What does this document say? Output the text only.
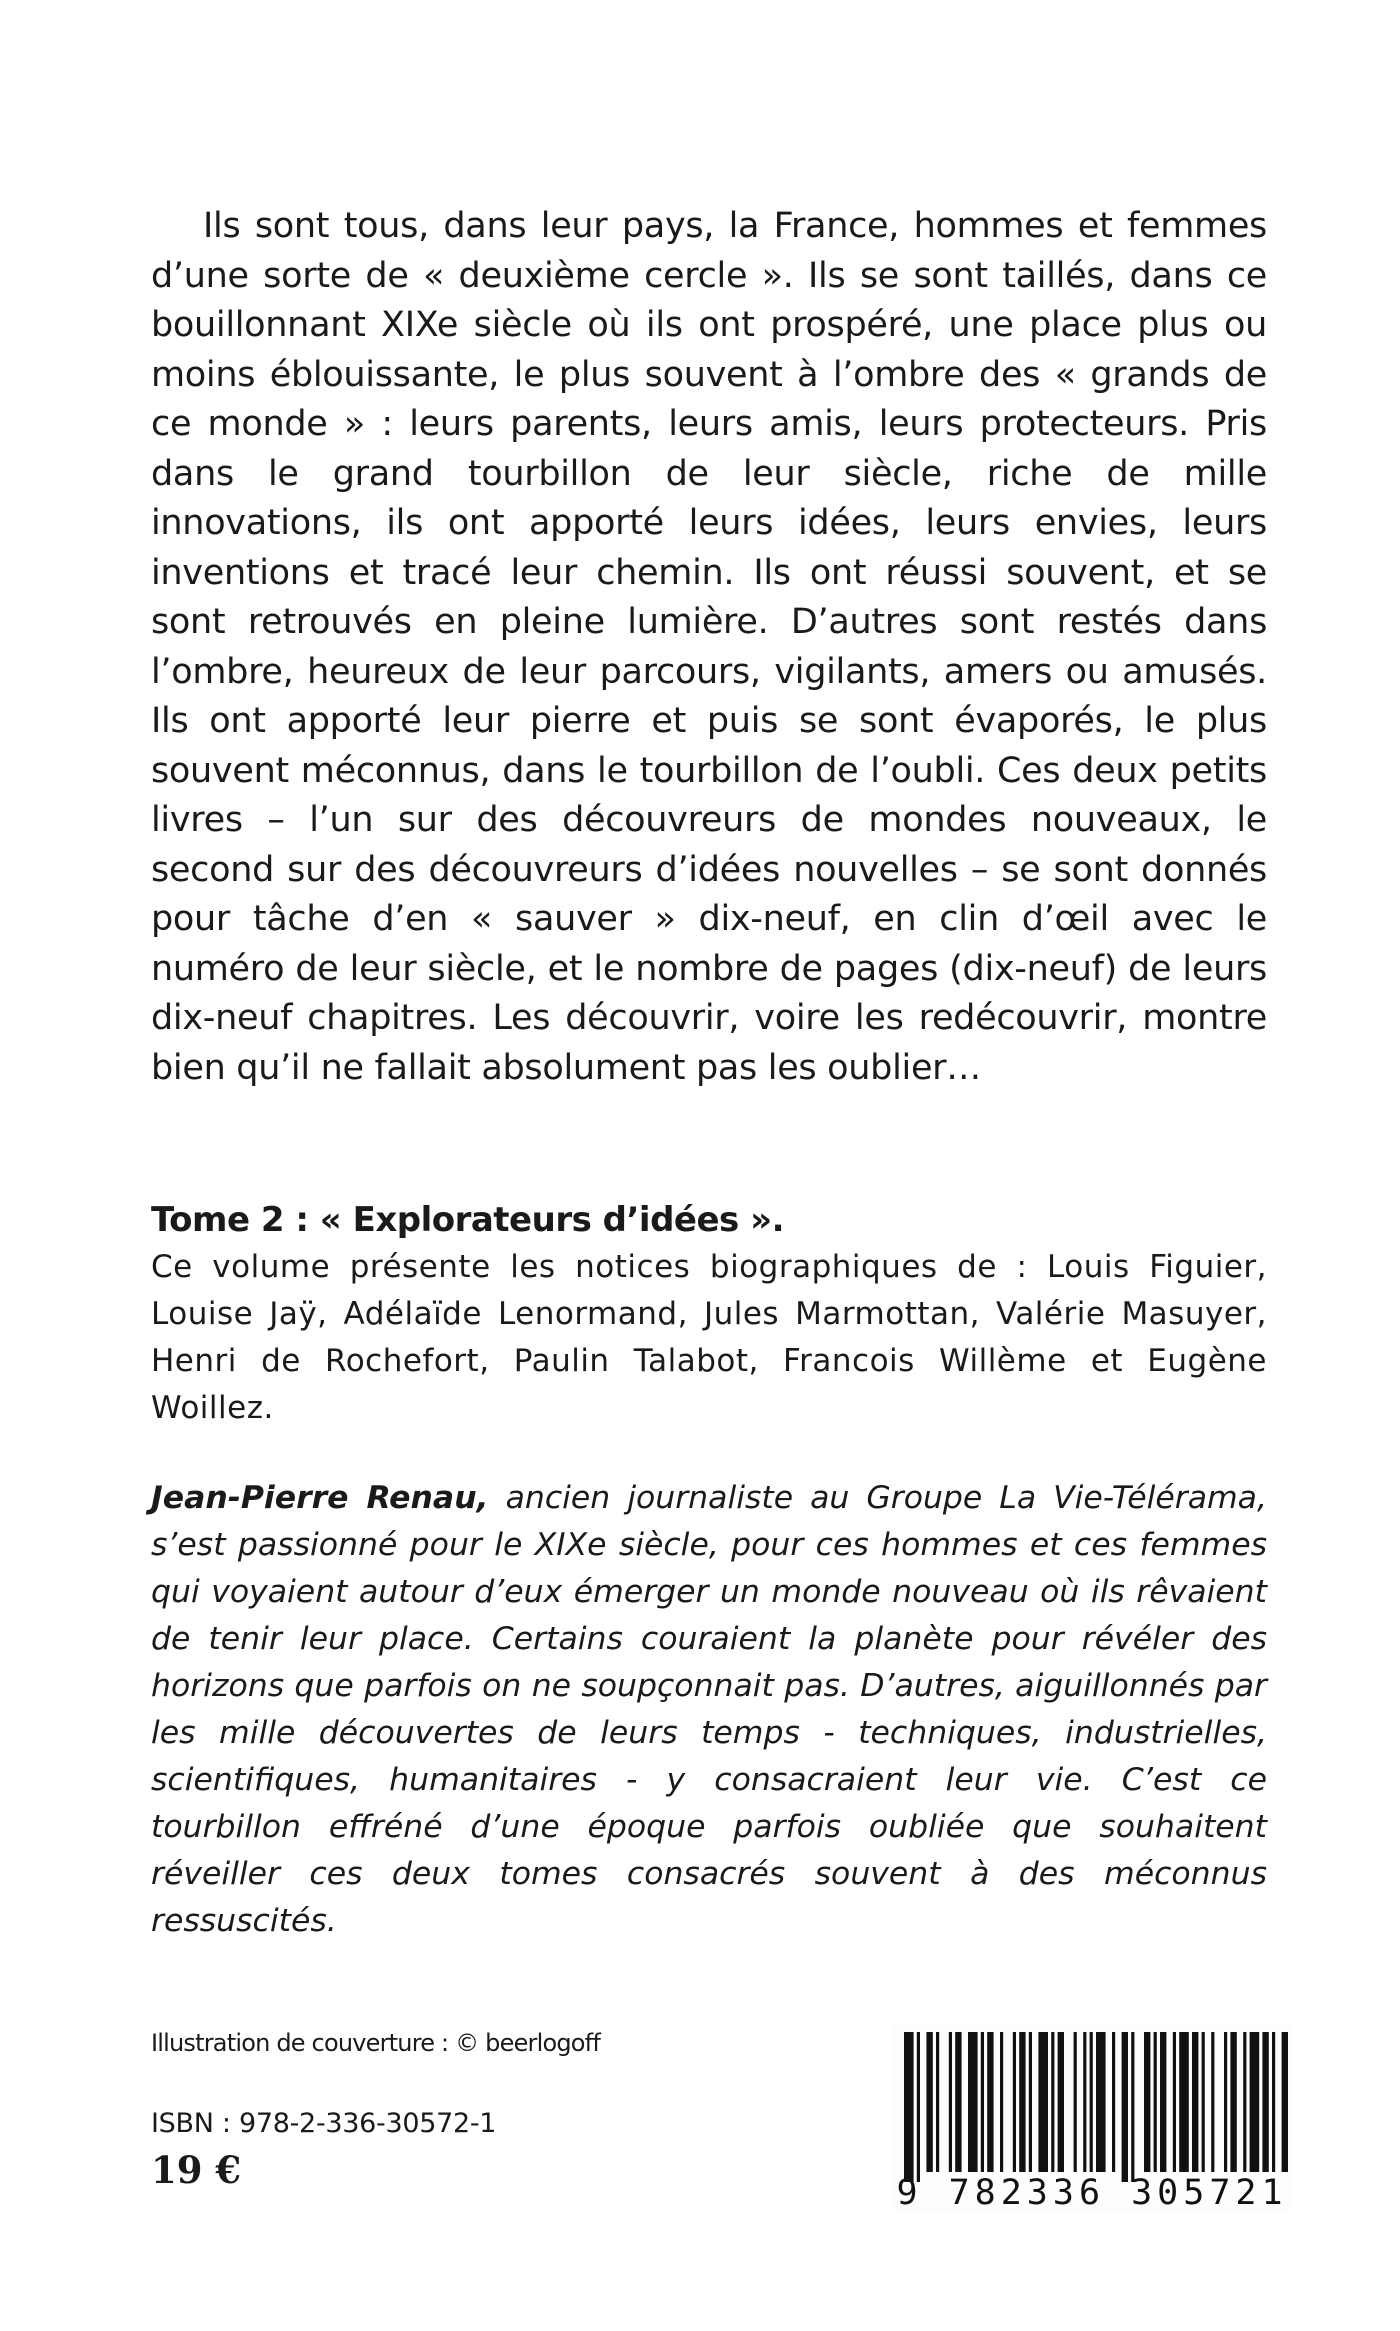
Ils sont tous, dans leur pays, la France, hommes et femmes d’une sorte de « deuxième cercle ». Ils se sont taillés, dans ce bouillonnant XIXe siècle où ils ont prospéré, une place plus ou moins éblouissante, le plus souvent à l’ombre des « grands de ce monde » : leurs parents, leurs amis, leurs protecteurs. Pris dans le grand tourbillon de leur siècle, riche de mille innovations, ils ont apporté leurs idées, leurs envies, leurs inventions et tracé leur chemin. Ils ont réussi souvent, et se sont retrouvés en pleine lumière. D’autres sont restés dans l’ombre, heureux de leur parcours, vigilants, amers ou amusés. Ils ont apporté leur pierre et puis se sont évaporés, le plus souvent méconnus, dans le tourbillon de l’oubli. Ces deux petits livres – l’un sur des découvreurs de mondes nouveaux, le second sur des découvreurs d’idées nouvelles – se sont donnés pour tâche d’en « sauver » dix-neuf, en clin d’œil avec le numéro de leur siècle, et le nombre de pages (dix-neuf) de leurs dix-neuf chapitres. Les découvrir, voire les redécouvrir, montre bien qu’il ne fallait absolument pas les oublier…

Tome 2 : « Explorateurs d’idées ».

Ce volume présente les notices biographiques de : Louis Figuier, Louise Jaÿ, Adélaïde Lenormand, Jules Marmottan, Valérie Masuyer, Henri de Rochefort, Paulin Talabot, Francois Willème et Eugène Woillez.

Jean-Pierre Renau, ancien journaliste au Groupe La Vie-Télérama, s’est passionné pour le XIXe siècle, pour ces hommes et ces femmes qui voyaient autour d’eux émerger un monde nouveau où ils rêvaient de tenir leur place. Certains couraient la planète pour révéler des horizons que parfois on ne soupçonnait pas. D’autres, aiguillonnés par les mille découvertes de leurs temps - techniques, industrielles, scientifiques, humanitaires - y consacraient leur vie. C’est ce tourbillon effréné d’une époque parfois oubliée que souhaitent réveiller ces deux tomes consacrés souvent à des méconnus ressuscités.

Illustration de couverture : © beerlogoff

ISBN : 978-2-336-30572-1

19 €

9 782336 305721
